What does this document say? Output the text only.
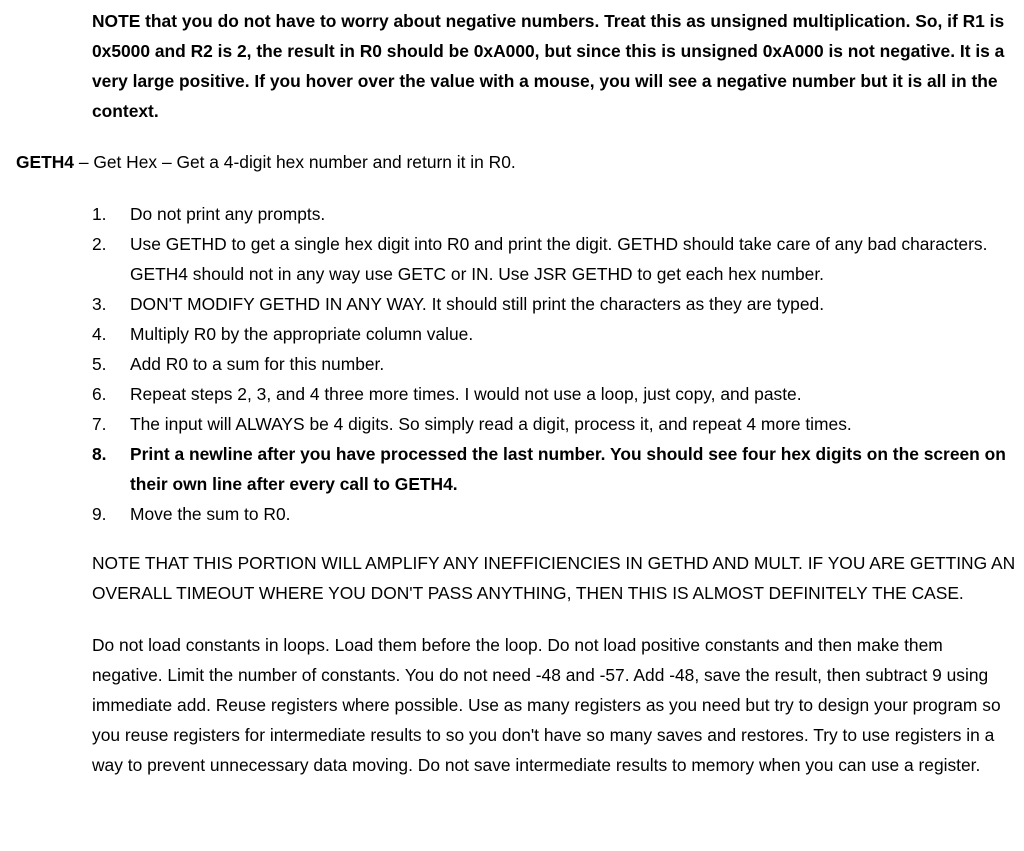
NOTE that you do not have to worry about negative numbers. Treat this as unsigned multiplication. So, if R1 is 0x5000 and R2 is 2, the result in R0 should be 0xA000, but since this is unsigned 0xA000 is not negative. It is a very large positive. If you hover over the value with a mouse, you will see a negative number but it is all in the context.
GETH4 – Get Hex – Get a 4-digit hex number and return it in R0.
1.	Do not print any prompts.
2.	Use GETHD to get a single hex digit into R0 and print the digit. GETHD should take care of any bad characters. GETH4 should not in any way use GETC or IN. Use JSR GETHD to get each hex number.
3.	DON'T MODIFY GETHD IN ANY WAY. It should still print the characters as they are typed.
4.	Multiply R0 by the appropriate column value.
5.	Add R0 to a sum for this number.
6.	Repeat steps 2, 3, and 4 three more times. I would not use a loop, just copy, and paste.
7.	The input will ALWAYS be 4 digits. So simply read a digit, process it, and repeat 4 more times.
8.	Print a newline after you have processed the last number. You should see four hex digits on the screen on their own line after every call to GETH4.
9.	Move the sum to R0.
NOTE THAT THIS PORTION WILL AMPLIFY ANY INEFFICIENCIES IN GETHD AND MULT. IF YOU ARE GETTING AN OVERALL TIMEOUT WHERE YOU DON'T PASS ANYTHING, THEN THIS IS ALMOST DEFINITELY THE CASE.
Do not load constants in loops. Load them before the loop. Do not load positive constants and then make them negative. Limit the number of constants. You do not need -48 and -57. Add -48, save the result, then subtract 9 using immediate add. Reuse registers where possible. Use as many registers as you need but try to design your program so you reuse registers for intermediate results to so you don't have so many saves and restores. Try to use registers in a way to prevent unnecessary data moving. Do not save intermediate results to memory when you can use a register.
